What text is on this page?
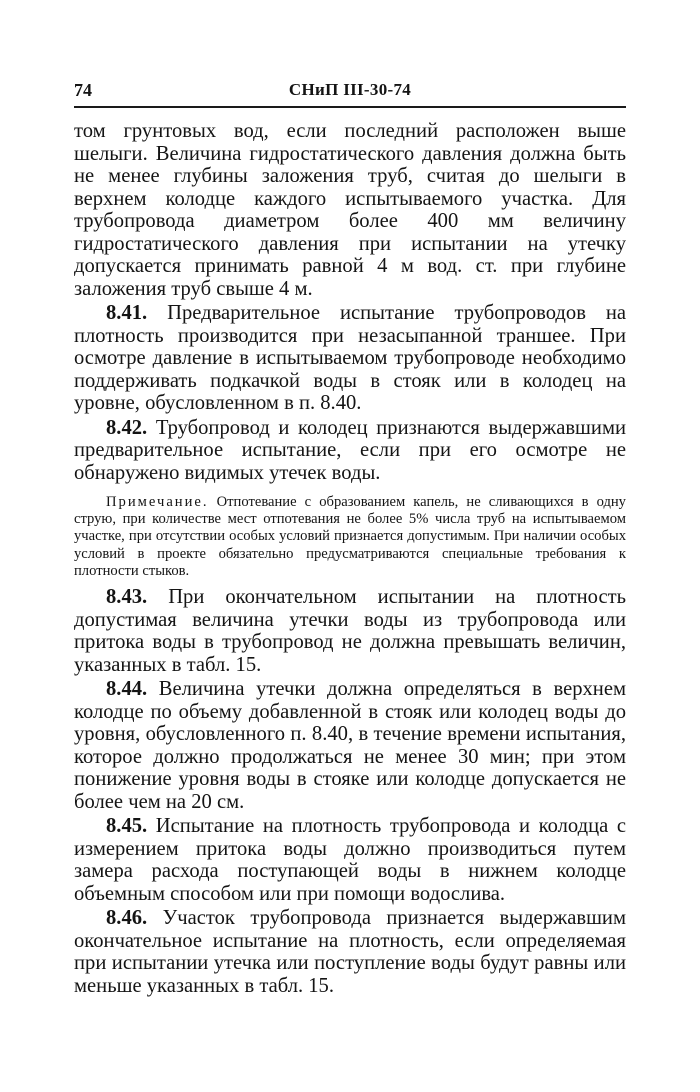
74	СНиП III-30-74

том грунтовых вод, если последний расположен выше шелыги. Величина гидростатического давления должна быть не менее глубины заложения труб, считая до шелыги в верхнем колодце каждого испытываемого участка. Для трубопровода диаметром более 400 мм величину гидростатического давления при испытании на утечку допускается принимать равной 4 м вод. ст. при глубине заложения труб свыше 4 м.

8.41. Предварительное испытание трубопроводов на плотность производится при незасыпанной траншее. При осмотре давление в испытываемом трубопроводе необходимо поддерживать подкачкой воды в стояк или в колодец на уровне, обусловленном в п. 8.40.

8.42. Трубопровод и колодец признаются выдержавшими предварительное испытание, если при его осмотре не обнаружено видимых утечек воды.

Примечание. Отпотевание с образованием капель, не сливающихся в одну струю, при количестве мест отпотевания не более 5% числа труб на испытываемом участке, при отсутствии особых условий признается допустимым. При наличии особых условий в проекте обязательно предусматриваются специальные требования к плотности стыков.

8.43. При окончательном испытании на плотность допустимая величина утечки воды из трубопровода или притока воды в трубопровод не должна превышать величин, указанных в табл. 15.

8.44. Величина утечки должна определяться в верхнем колодце по объему добавленной в стояк или колодец воды до уровня, обусловленного п. 8.40, в течение времени испытания, которое должно продолжаться не менее 30 мин; при этом понижение уровня воды в стояке или колодце допускается не более чем на 20 см.

8.45. Испытание на плотность трубопровода и колодца с измерением притока воды должно производиться путем замера расхода поступающей воды в нижнем колодце объемным способом или при помощи водослива.

8.46. Участок трубопровода признается выдержавшим окончательное испытание на плотность, если определяемая при испытании утечка или поступление воды будут равны или меньше указанных в табл. 15.
